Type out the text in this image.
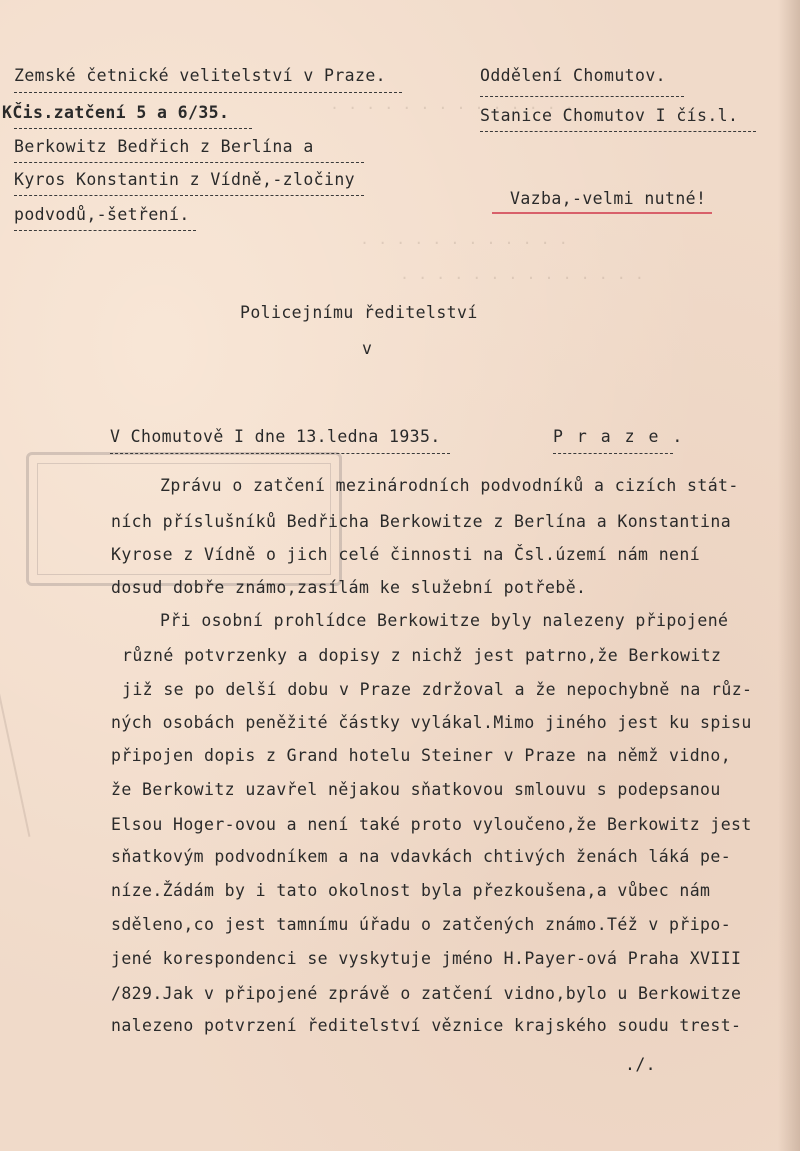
. . . . . . . . . . . . . .
. . . . . . . . . . . .
. . . . . . . . . . . . . .
Zemské četnické velitelství v Praze.
KČis.zatčení 5 a 6/35.
Berkowitz Bedřich z Berlína a
Kyros Konstantin z Vídně,-zločiny
podvodů,-šetření.
Oddělení Chomutov.
Stanice Chomutov I čís.l.
Vazba,-velmi nutné!
Policejnímu ředitelství
v
P r a z e .
V Chomutově I dne 13.ledna 1935.
Zprávu o zatčení mezinárodních podvodníků a cizích stát-
ních příslušníků Bedřicha Berkowitze z Berlína a Konstantina
Kyrose z Vídně o jich celé činnosti na Čsl.území nám není
dosud dobře známo,zasílám ke služební potřebě.
Při osobní prohlídce Berkowitze byly nalezeny připojené
různé potvrzenky a dopisy z nichž jest patrno,že Berkowitz
již se po delší dobu v Praze zdržoval a že nepochybně na růz-
ných osobách peněžité částky vylákal.Mimo jiného jest ku spisu
připojen dopis z Grand hotelu Steiner v Praze na němž vidno,
že Berkowitz uzavřel nějakou sňatkovou smlouvu s podepsanou
Elsou Hoger-ovou a není také proto vyloučeno,že Berkowitz jest
sňatkovým podvodníkem a na vdavkách chtivých ženách láká pe-
níze.Žádám by i tato okolnost byla přezkoušena,a vůbec nám
sděleno,co jest tamnímu úřadu o zatčených známo.Též v připo-
jené korespondenci se vyskytuje jméno H.Payer-ová Praha XVIII
/829.Jak v připojené zprávě o zatčení vidno,bylo u Berkowitze
nalezeno potvrzení ředitelství věznice krajského soudu trest-
./.
